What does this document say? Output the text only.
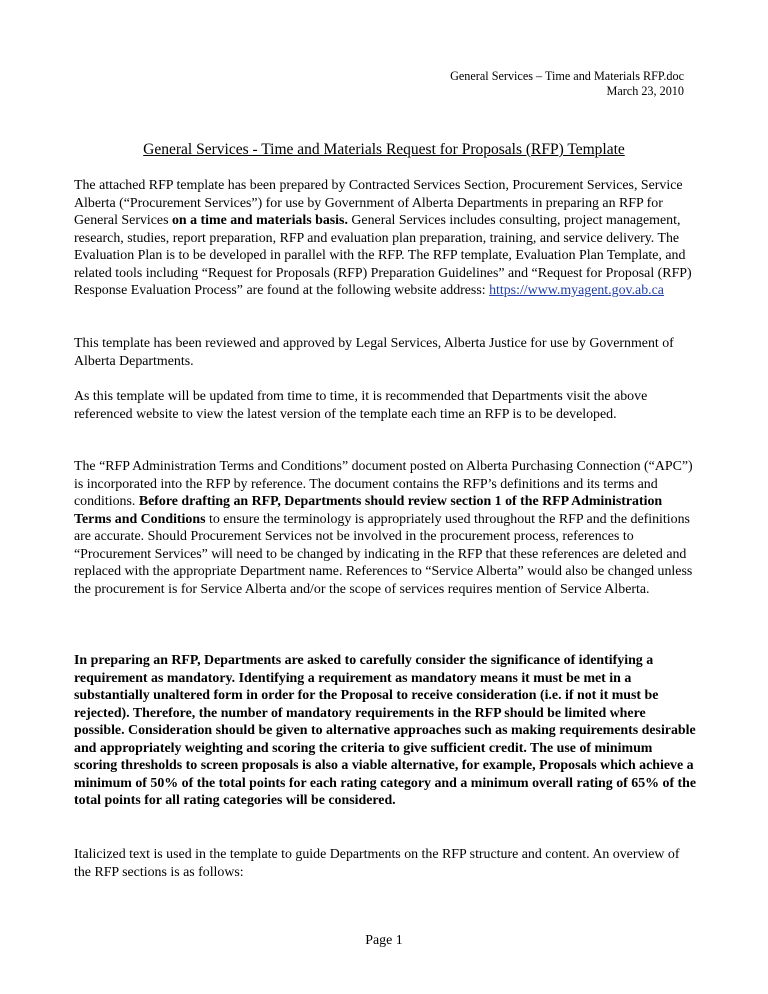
General Services – Time and Materials RFP.doc
March 23, 2010
General Services - Time and Materials Request for Proposals (RFP) Template

The attached RFP template has been prepared by Contracted Services Section, Procurement Services, Service Alberta (“Procurement Services”) for use by Government of Alberta Departments in preparing an RFP for General Services on a time and materials basis. General Services includes consulting, project management, research, studies, report preparation, RFP and evaluation plan preparation, training, and service delivery. The Evaluation Plan is to be developed in parallel with the RFP. The RFP template, Evaluation Plan Template, and related tools including “Request for Proposals (RFP) Preparation Guidelines” and “Request for Proposal (RFP) Response Evaluation Process” are found at the following website address: https://www.myagent.gov.ab.ca

This template has been reviewed and approved by Legal Services, Alberta Justice for use by Government of Alberta Departments.

As this template will be updated from time to time, it is recommended that Departments visit the above referenced website to view the latest version of the template each time an RFP is to be developed.

The “RFP Administration Terms and Conditions” document posted on Alberta Purchasing Connection (“APC”) is incorporated into the RFP by reference. The document contains the RFP’s definitions and its terms and conditions. Before drafting an RFP, Departments should review section 1 of the RFP Administration Terms and Conditions to ensure the terminology is appropriately used throughout the RFP and the definitions are accurate. Should Procurement Services not be involved in the procurement process, references to “Procurement Services” will need to be changed by indicating in the RFP that these references are deleted and replaced with the appropriate Department name. References to “Service Alberta” would also be changed unless the procurement is for Service Alberta and/or the scope of services requires mention of Service Alberta.

In preparing an RFP, Departments are asked to carefully consider the significance of identifying a requirement as mandatory. Identifying a requirement as mandatory means it must be met in a substantially unaltered form in order for the Proposal to receive consideration (i.e. if not it must be rejected). Therefore, the number of mandatory requirements in the RFP should be limited where possible. Consideration should be given to alternative approaches such as making requirements desirable and appropriately weighting and scoring the criteria to give sufficient credit. The use of minimum scoring thresholds to screen proposals is also a viable alternative, for example, Proposals which achieve a minimum of 50% of the total points for each rating category and a minimum overall rating of 65% of the total points for all rating categories will be considered.

Italicized text is used in the template to guide Departments on the RFP structure and content. An overview of the RFP sections is as follows:

Page 1
